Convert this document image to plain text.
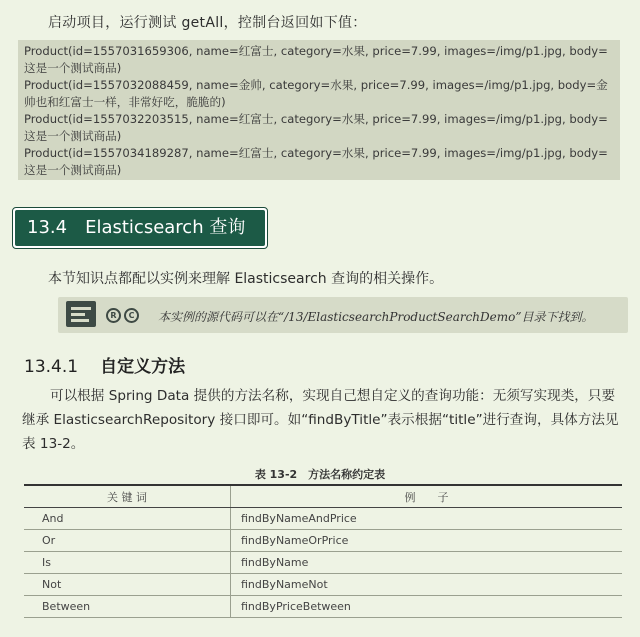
启动项目，运行测试 getAll，控制台返回如下值：
Product(id=1557031659306, name=红富士, category=水果, price=7.99, images=/img/p1.jpg, body=这是一个测试商品)
Product(id=1557032088459, name=金帅, category=水果, price=7.99, images=/img/p1.jpg, body=金帅也和红富士一样，非常好吃，脆脆的)
Product(id=1557032203515, name=红富士, category=水果, price=7.99, images=/img/p1.jpg, body=这是一个测试商品)
Product(id=1557034189287, name=红富士, category=水果, price=7.99, images=/img/p1.jpg, body=这是一个测试商品)
13.4 Elasticsearch 查询
本节知识点都配以实例来理解 Elasticsearch 查询的相关操作。
R	C	本实例的源代码可以在“/13/ElasticsearchProductSearchDemo”目录下找到。
13.4.1 自定义方法
可以根据 Spring Data 提供的方法名称，实现自己想自定义的查询功能：无须写实现类，只要继承 ElasticsearchRepository 接口即可。如“findByTitle”表示根据“title”进行查询，具体方法见表 13-2。
表 13-2　方法名称约定表
关 键 词	例　　子
And	findByNameAndPrice
Or	findByNameOrPrice
Is	findByName
Not	findByNameNot
Between	findByPriceBetween
